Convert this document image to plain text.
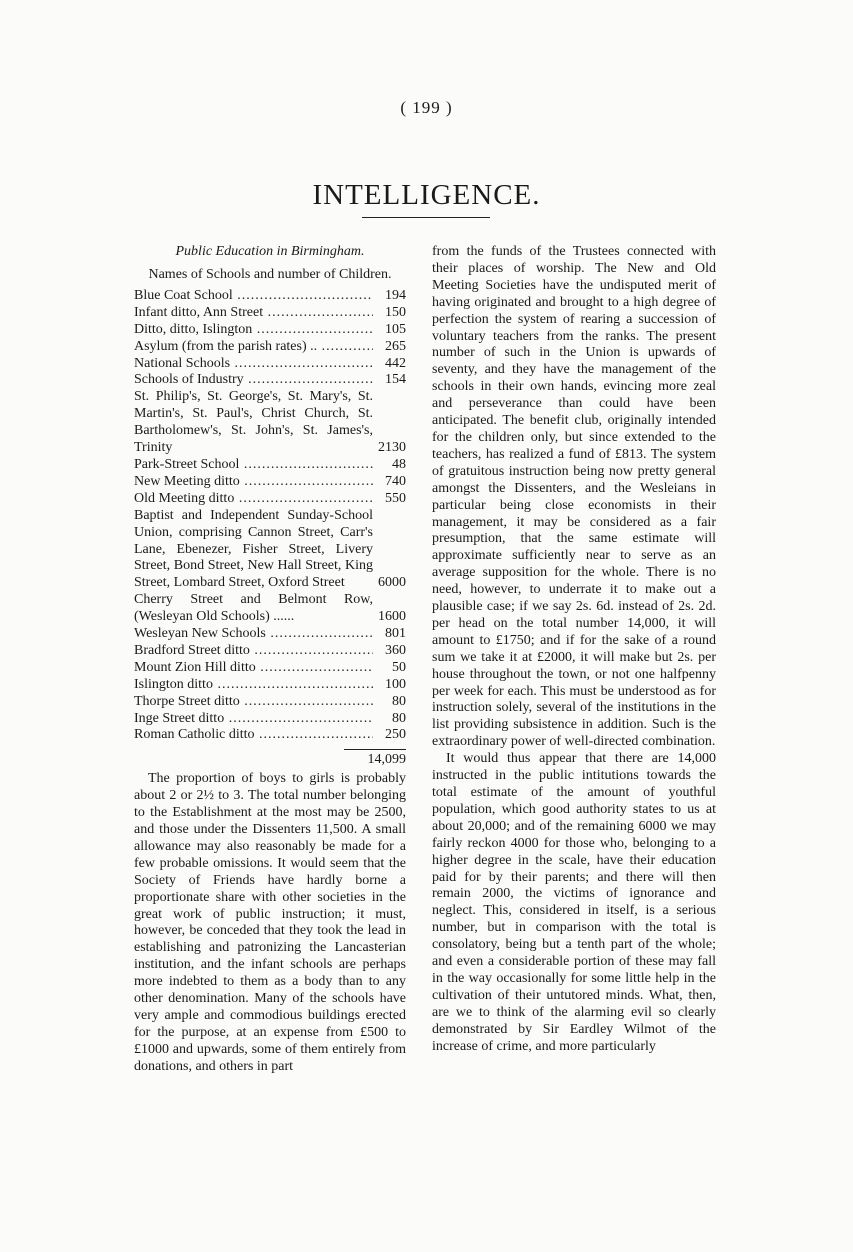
( 199 )
INTELLIGENCE.
Public Education in Birmingham.
Names of Schools and number of Children.
Blue Coat School .....	194
Infant ditto, Ann Street .....	150
Ditto, ditto, Islington .....	105
Asylum (from the parish rates) .. .....	265
National Schools .....	442
Schools of Industry .....	154
St. Philip's, St. George's, St. Mary's, St. Martin's, St. Paul's, Christ Church, St. Bartholomew's, St. John's, St. James's, Trinity	2130
Park-Street School .....	48
New Meeting ditto .....	740
Old Meeting ditto .....	550
Baptist and Independent Sunday-School Union, comprising Cannon Street, Carr's Lane, Ebenezer, Fisher Street, Livery Street, Bond Street, New Hall Street, King Street, Lombard Street, Oxford Street	6000
Cherry Street and Belmont Row, (Wesleyan Old Schools) ......	1600
Wesleyan New Schools .....	801
Bradford Street ditto .....	360
Mount Zion Hill ditto .....	50
Islington ditto .....	100
Thorpe Street ditto .....	80
Inge Street ditto .....	80
Roman Catholic ditto .....	250
14,099

The proportion of boys to girls is probably about 2 or 2½ to 3. The total number belonging to the Establishment at the most may be 2500, and those under the Dissenters 11,500. A small allowance may also reasonably be made for a few probable omissions. It would seem that the Society of Friends have hardly borne a proportionate share with other societies in the great work of public instruction; it must, however, be conceded that they took the lead in establishing and patronizing the Lancasterian institution, and the infant schools are perhaps more indebted to them as a body than to any other denomination. Many of the schools have very ample and commodious buildings erected for the purpose, at an expense from £500 to £1000 and upwards, some of them entirely from donations, and others in part

from the funds of the Trustees connected with their places of worship. The New and Old Meeting Societies have the undisputed merit of having originated and brought to a high degree of perfection the system of rearing a succession of voluntary teachers from the ranks. The present number of such in the Union is upwards of seventy, and they have the management of the schools in their own hands, evincing more zeal and perseverance than could have been anticipated. The benefit club, originally intended for the children only, but since extended to the teachers, has realized a fund of £813. The system of gratuitous instruction being now pretty general amongst the Dissenters, and the Wesleians in particular being close economists in their management, it may be considered as a fair presumption, that the same estimate will approximate sufficiently near to serve as an average supposition for the whole. There is no need, however, to underrate it to make out a plausible case; if we say 2s. 6d. instead of 2s. 2d. per head on the total number 14,000, it will amount to £1750; and if for the sake of a round sum we take it at £2000, it will make but 2s. per house throughout the town, or not one halfpenny per week for each. This must be understood as for instruction solely, several of the institutions in the list providing subsistence in addition. Such is the extraordinary power of well-directed combination.

It would thus appear that there are 14,000 instructed in the public intitutions towards the total estimate of the amount of youthful population, which good authority states to us at about 20,000; and of the remaining 6000 we may fairly reckon 4000 for those who, belonging to a higher degree in the scale, have their education paid for by their parents; and there will then remain 2000, the victims of ignorance and neglect. This, considered in itself, is a serious number, but in comparison with the total is consolatory, being but a tenth part of the whole; and even a considerable portion of these may fall in the way occasionally for some little help in the cultivation of their untutored minds. What, then, are we to think of the alarming evil so clearly demonstrated by Sir Eardley Wilmot of the increase of crime, and more particularly
